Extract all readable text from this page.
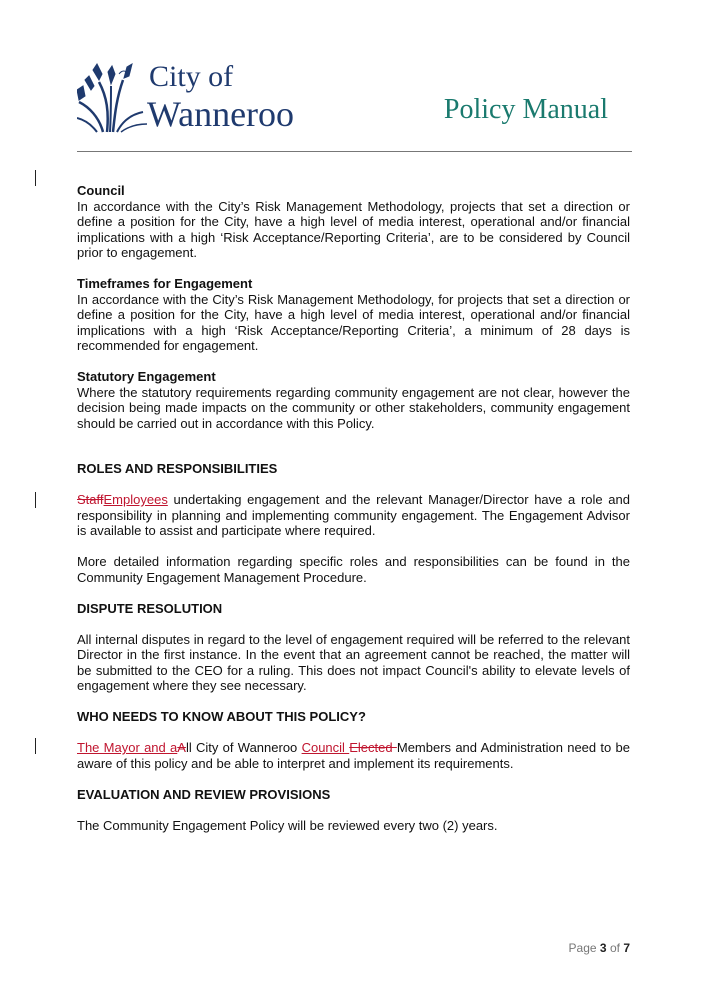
City of
Wanneroo	Policy Manual
Council

In accordance with the City’s Risk Management Methodology, projects that set a direction or define a position for the City, have a high level of media interest, operational and/or financial implications with a high ‘Risk Acceptance/Reporting Criteria’, are to be considered by Council prior to engagement.

Timeframes for Engagement

In accordance with the City’s Risk Management Methodology, for projects that set a direction or define a position for the City, have a high level of media interest, operational and/or financial implications with a high ‘Risk Acceptance/Reporting Criteria’, a minimum of 28 days is recommended for engagement.

Statutory Engagement

Where the statutory requirements regarding community engagement are not clear, however the decision being made impacts on the community or other stakeholders, community engagement should be carried out in accordance with this Policy.

ROLES AND RESPONSIBILITIES

StaffEmployees undertaking engagement and the relevant Manager/Director have a role and responsibility in planning and implementing community engagement. The Engagement Advisor is available to assist and participate where required.

More detailed information regarding specific roles and responsibilities can be found in the Community Engagement Management Procedure.

DISPUTE RESOLUTION

All internal disputes in regard to the level of engagement required will be referred to the relevant Director in the first instance. In the event that an agreement cannot be reached, the matter will be submitted to the CEO for a ruling. This does not impact Council's ability to elevate levels of engagement where they see necessary.

WHO NEEDS TO KNOW ABOUT THIS POLICY?

The Mayor and aAll City of Wanneroo Council Elected Members and Administration need to be aware of this policy and be able to interpret and implement its requirements.

EVALUATION AND REVIEW PROVISIONS

The Community Engagement Policy will be reviewed every two (2) years.

Page 3 of 7
